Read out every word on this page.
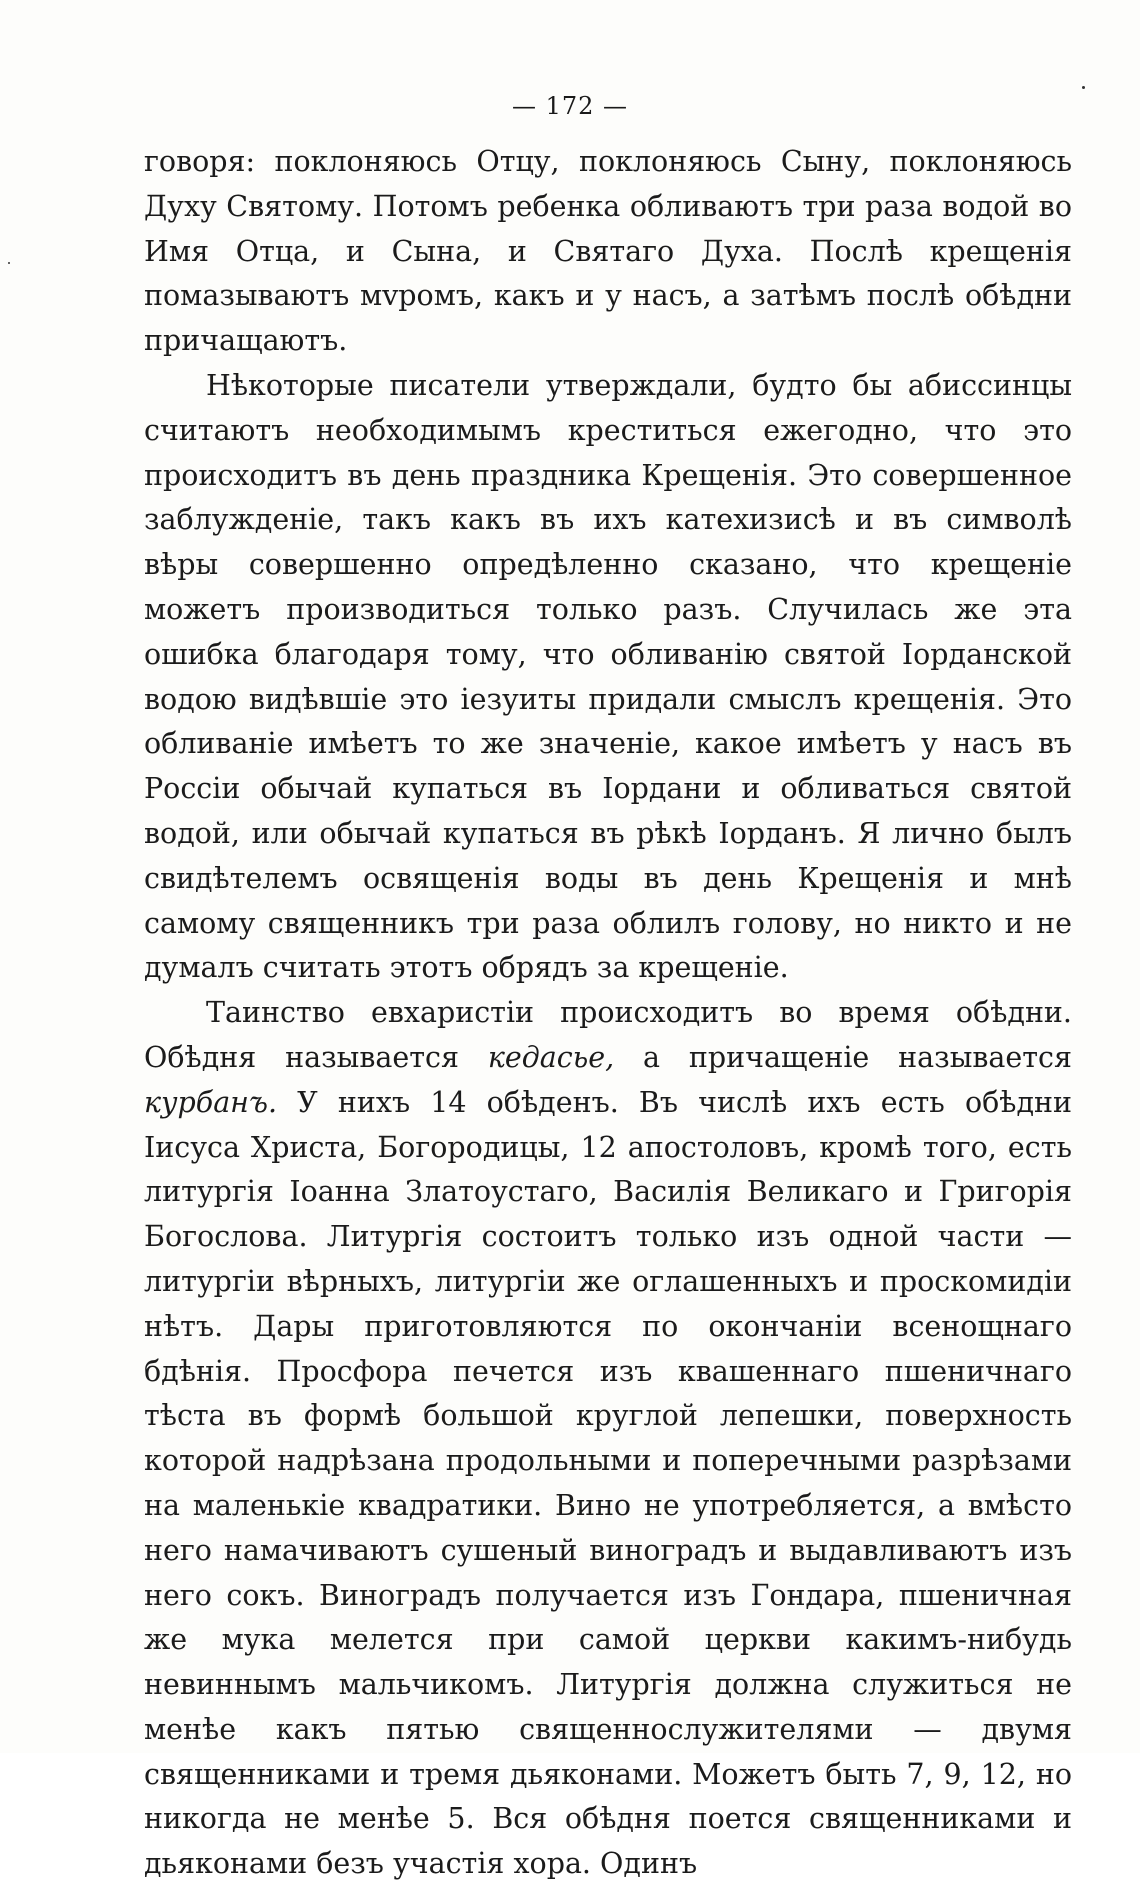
— 172 —

говоря: поклоняюсь Отцу, поклоняюсь Сыну, поклоняюсь Духу Святому. Потомъ ребенка обливаютъ три раза водой во Имя Отца, и Сына, и Святаго Духа. Послѣ крещенія помазываютъ мvромъ, какъ и у насъ, а затѣмъ послѣ обѣдни причащаютъ.

Нѣкоторые писатели утверждали, будто бы абиссинцы считаютъ необходимымъ креститься ежегодно, что это происходитъ въ день праздника Крещенія. Это совершенное заблужденіе, такъ какъ въ ихъ катехизисѣ и въ символѣ вѣры совершенно опредѣленно сказано, что крещеніе можетъ производиться только разъ. Случилась же эта ошибка благодаря тому, что обливанію святой Іорданской водою видѣвшіе это іезуиты придали смыслъ крещенія. Это обливаніе имѣетъ то же значеніе, какое имѣетъ у насъ въ Россіи обычай купаться въ Іордани и обливаться святой водой, или обычай купаться въ рѣкѣ Іорданъ. Я лично былъ свидѣтелемъ освященія воды въ день Крещенія и мнѣ самому священникъ три раза облилъ голову, но никто и не думалъ считать этотъ обрядъ за крещеніе.

Таинство евхаристіи происходитъ во время обѣдни. Обѣдня называется кедасье, а причащеніе называется курбанъ. У нихъ 14 обѣденъ. Въ числѣ ихъ есть обѣдни Іисуса Христа, Богородицы, 12 апостоловъ, кромѣ того, есть литургія Іоанна Златоустаго, Василія Великаго и Григорія Богослова. Литургія состоитъ только изъ одной части — литургіи вѣрныхъ, литургіи же оглашенныхъ и проскомидіи нѣтъ. Дары приготовляются по окончаніи всенощнаго бдѣнія. Просфора печется изъ квашеннаго пшеничнаго тѣста въ формѣ большой круглой лепешки, поверхность которой надрѣзана продольными и поперечными разрѣзами на маленькіе квадратики. Вино не употребляется, а вмѣсто него намачиваютъ сушеный виноградъ и выдавливаютъ изъ него сокъ. Виноградъ получается изъ Гондара, пшеничная же мука мелется при самой церкви какимъ-нибудь невиннымъ мальчикомъ. Литургія должна служиться не менѣе какъ пятью священнослужителями — двумя священниками и тремя дьяконами. Можетъ быть 7, 9, 12, но никогда не менѣе 5. Вся обѣдня поется священниками и дьяконами безъ участія хора. Одинъ
